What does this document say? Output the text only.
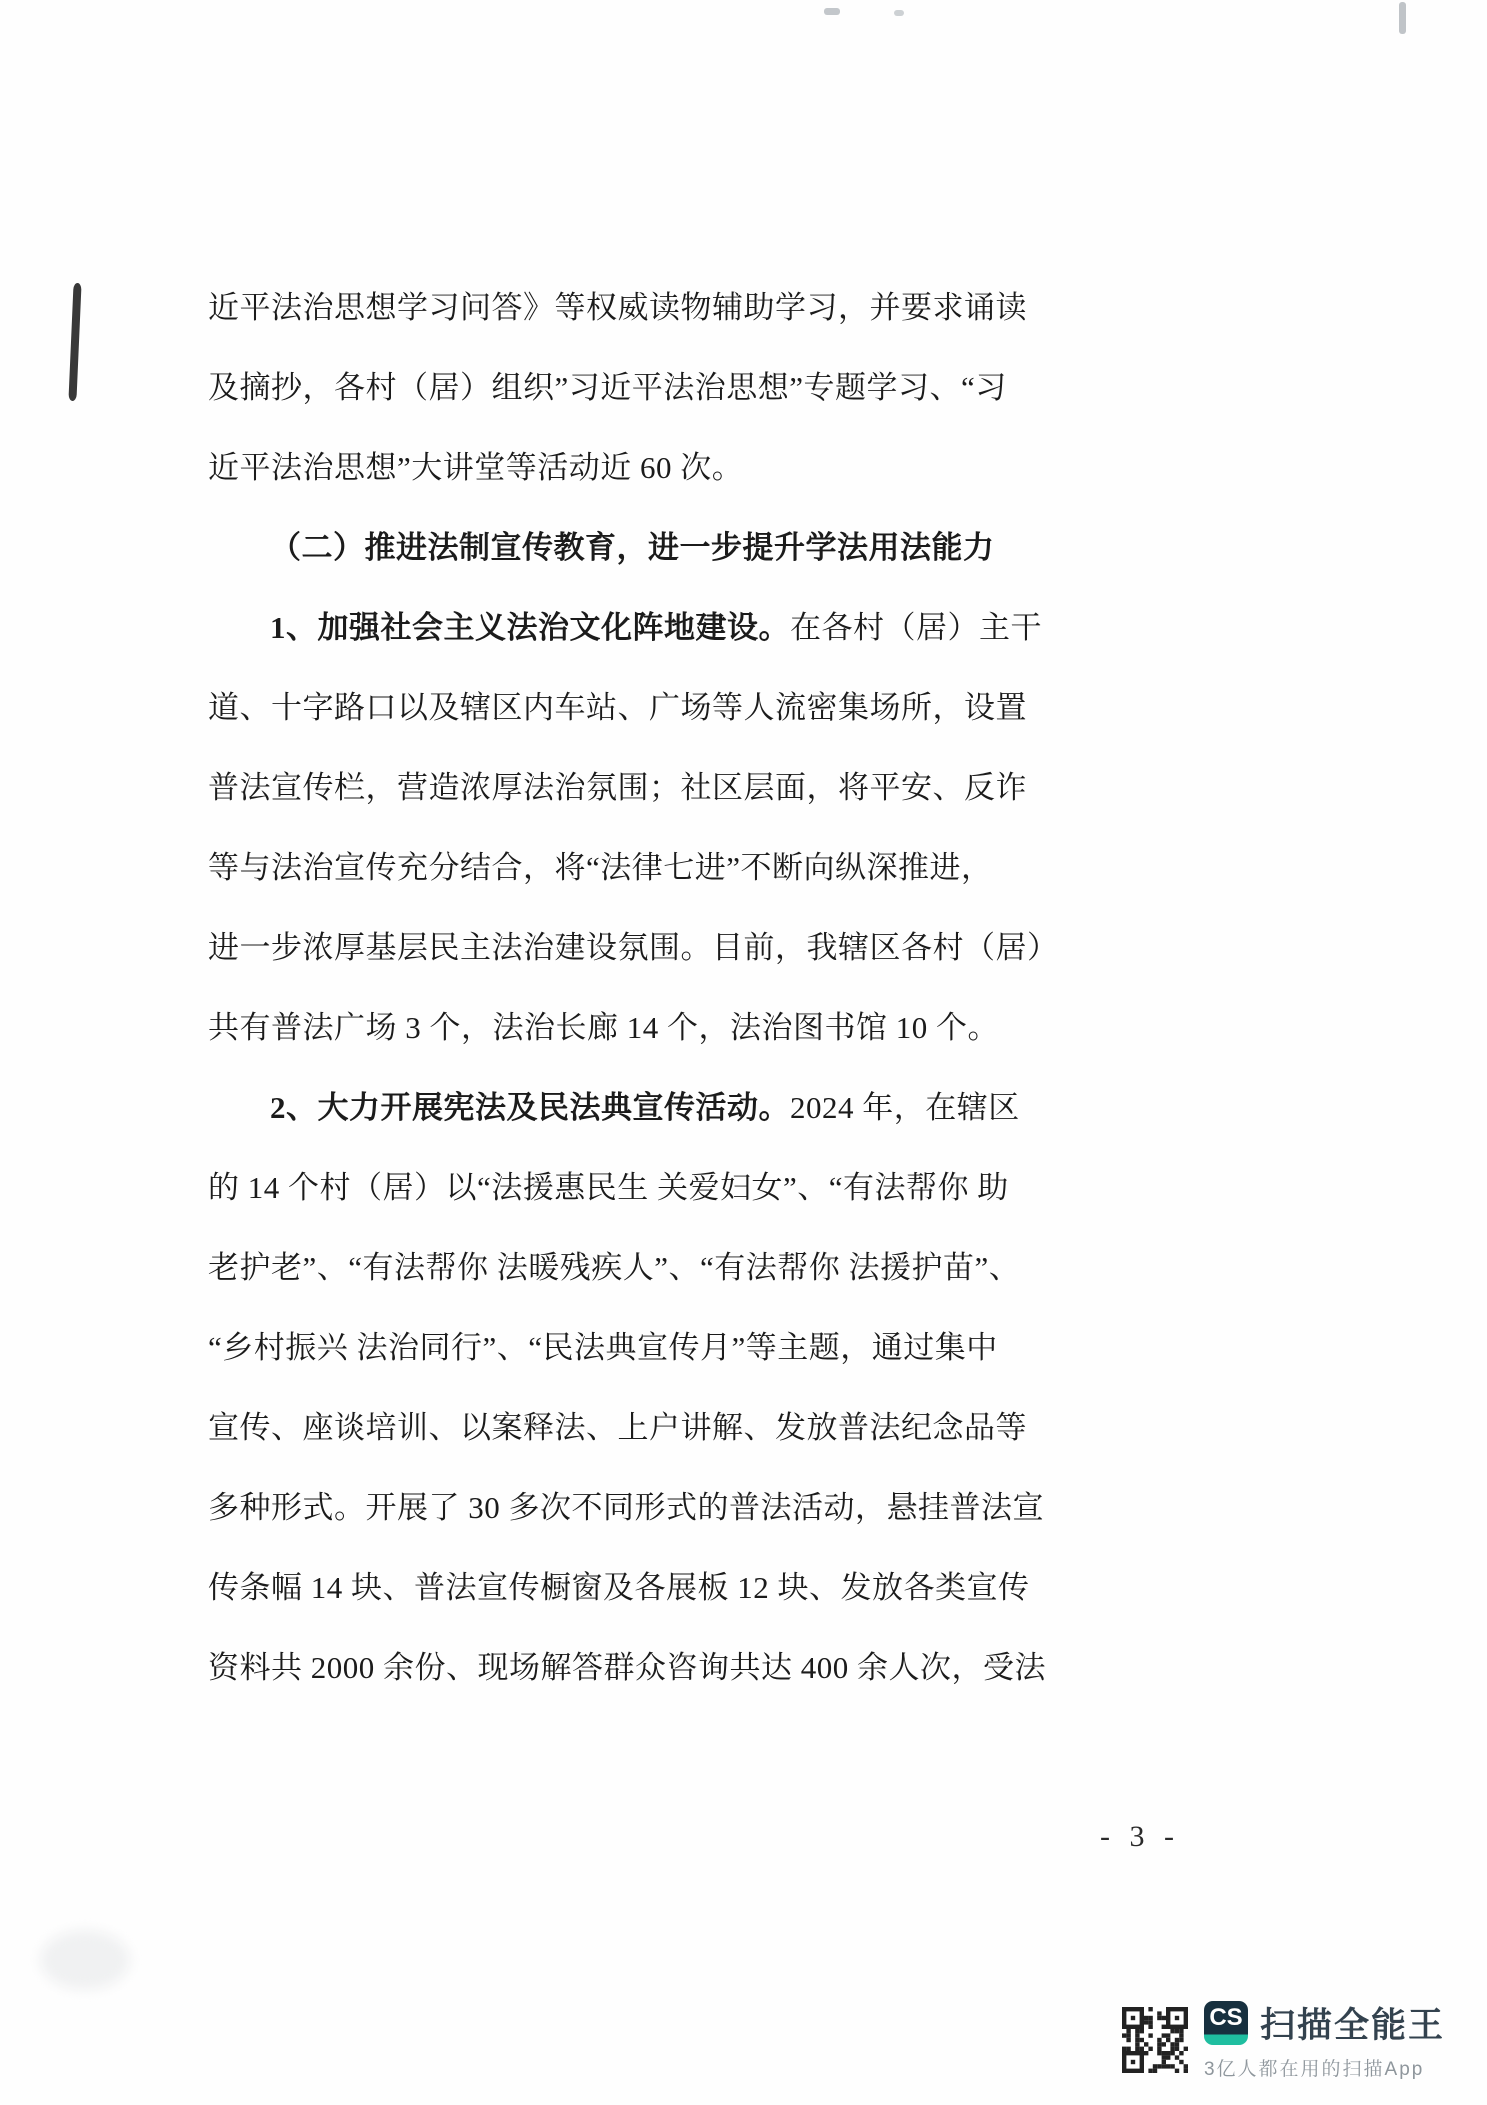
近平法治思想学习问答》等权威读物辅助学习，并要求诵读
及摘抄，各村（居）组织”习近平法治思想”专题学习、“习
近平法治思想”大讲堂等活动近 60 次。
（二）推进法制宣传教育，进一步提升学法用法能力
1、加强社会主义法治文化阵地建设。在各村（居）主干
道、十字路口以及辖区内车站、广场等人流密集场所，设置
普法宣传栏，营造浓厚法治氛围；社区层面，将平安、反诈
等与法治宣传充分结合，将“法律七进”不断向纵深推进，
进一步浓厚基层民主法治建设氛围。目前，我辖区各村（居）
共有普法广场 3 个，法治长廊 14 个，法治图书馆 10 个。
2、大力开展宪法及民法典宣传活动。2024 年，在辖区
的 14 个村（居）以“法援惠民生 关爱妇女”、“有法帮你 助
老护老”、“有法帮你 法暖残疾人”、“有法帮你 法援护苗”、
“乡村振兴 法治同行”、“民法典宣传月”等主题，通过集中
宣传、座谈培训、以案释法、上户讲解、发放普法纪念品等
多种形式。开展了 30 多次不同形式的普法活动，悬挂普法宣
传条幅 14 块、普法宣传橱窗及各展板 12 块、发放各类宣传
资料共 2000 余份、现场解答群众咨询共达 400 余人次，受法
- 3 -
CS 扫描全能王
3亿人都在用的扫描App
